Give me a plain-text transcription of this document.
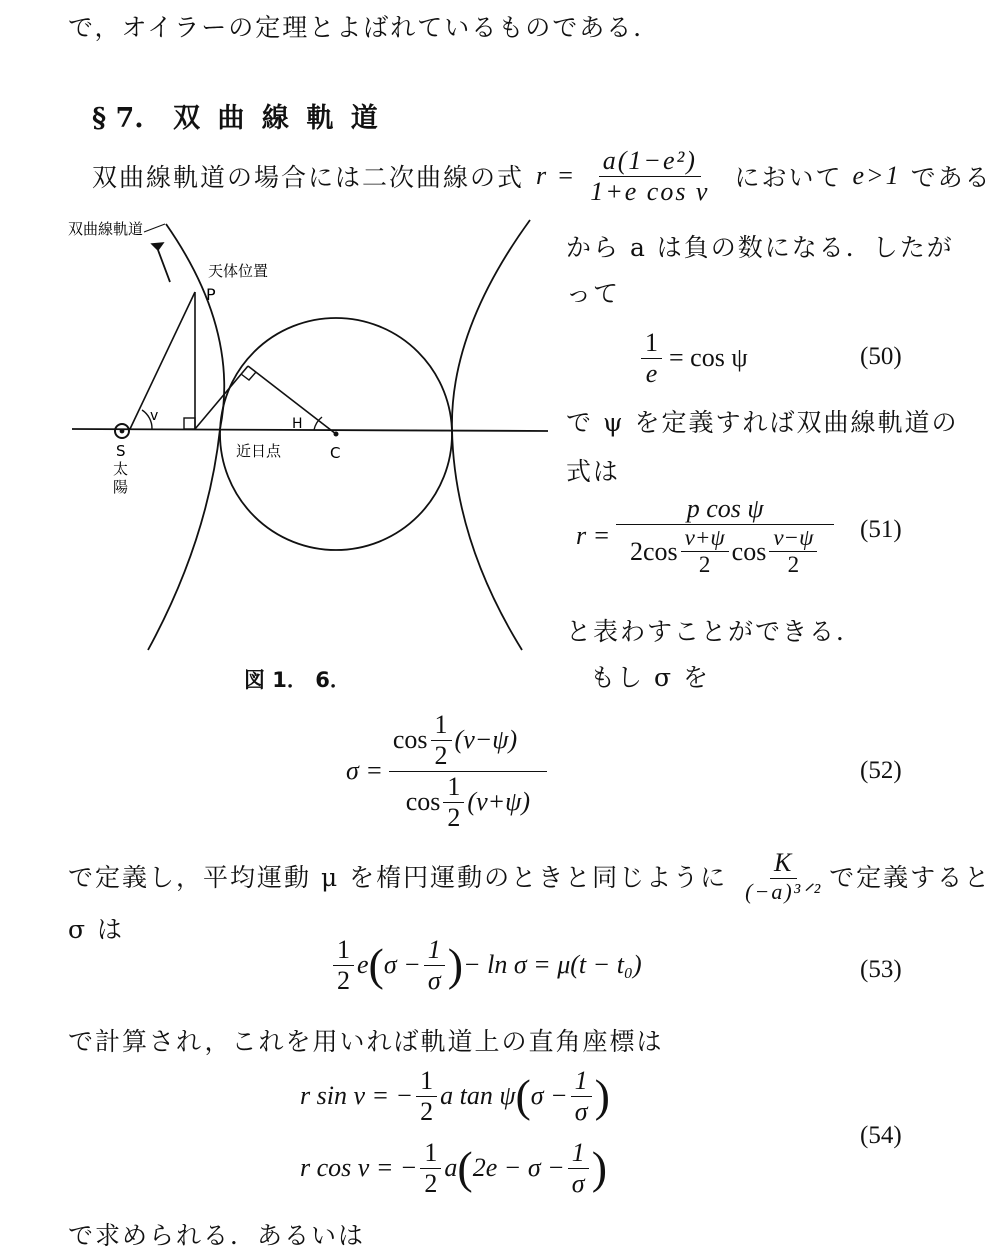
で，オイラーの定理とよばれているものである．
§ 7. 双 曲 線 軌 道
双曲線軌道の場合には二次曲線の式 $r = \frac{\text{a(1−e²)}}{\text{1+e cos v}}$ において e>1 である
双曲線軌道
天体位置
P
v	H
S
太
陽
近日点	C
図 1． 6．
から a は負の数になる．したが
って
$\frac{1}{e} = \cos \psi$	(50)
で ψ を定義すれば双曲線軌道の
式は
r =
p cos ψ
$2\cos \frac{v+\psi}{2}$ $\cos \frac{v-\psi}{2} (51)$
と表わすことができる．
もし σ を
$\sigma = \frac{\cos \frac{1}{2} (v-\psi)}{\cos \frac{1}{2} (v+\psi)}$	(52)
で定義し，平均運動 μ を楕円運動のときと同じように $\frac{K}{\text{(−a)³ᐟ²}}$ で定義すると
σ は
$\frac{1}{2}$ e ( $\sigma - \frac{1}{\sigma}$ ) − ln σ = μ(t − t₀)	(53)
で計算され，これを用いれば軌道上の直角座標は
r sin v = − $\frac{1}{2}$ a tan ψ ( $\sigma - \frac{1}{\sigma}$ )
r cos v = − $\frac{1}{2}$ a ( $2e - \sigma - \frac{1}{\sigma}$ )
(54)
で求められる．あるいは
